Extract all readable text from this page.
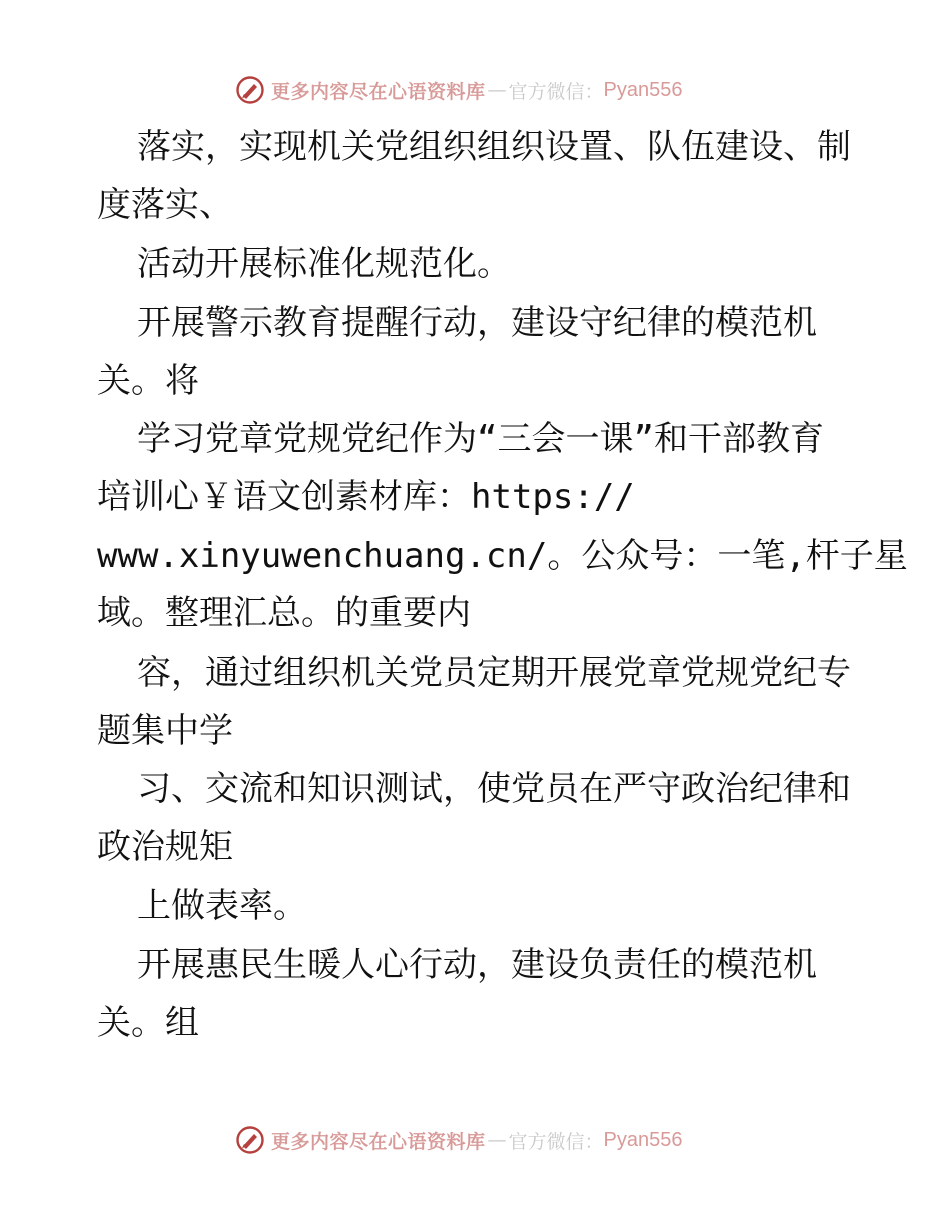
更多内容尽在心语资料库 — 官方微信： Pyan556
落实，实现机关党组织组织设置、队伍建设、制
度落实、
活动开展标准化规范化。
开展警示教育提醒行动，建设守纪律的模范机
关。将
学习党章党规党纪作为“三会一课”和干部教育
培训心￥语文创素材库：https://
www.xinyuwenchuang.cn/。公众号：一笔,杆子星
域。整理汇总。的重要内
容，通过组织机关党员定期开展党章党规党纪专
题集中学
习、交流和知识测试，使党员在严守政治纪律和
政治规矩
上做表率。
开展惠民生暖人心行动，建设负责任的模范机
关。组
更多内容尽在心语资料库 — 官方微信： Pyan556
